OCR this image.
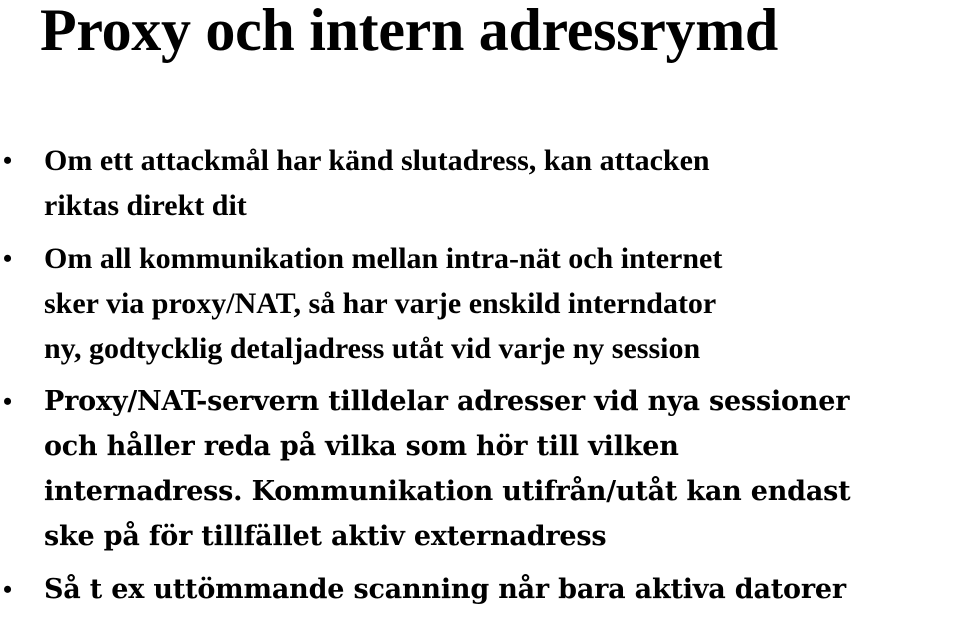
Proxy och intern adressrymd
• Om ett attackmål har känd slutadress, kan attacken
riktas direkt dit
• Om all kommunikation mellan intra-nät och internet
sker via proxy/NAT, så har varje enskild interndator
ny, godtycklig detaljadress utåt vid varje ny session
• Proxy/NAT-servern tilldelar adresser vid nya sessioner
och håller reda på vilka som hör till vilken
internadress. Kommunikation utifrån/utåt kan endast
ske på för tillfället aktiv externadress
• Så t ex uttömmande scanning når bara aktiva datorer
